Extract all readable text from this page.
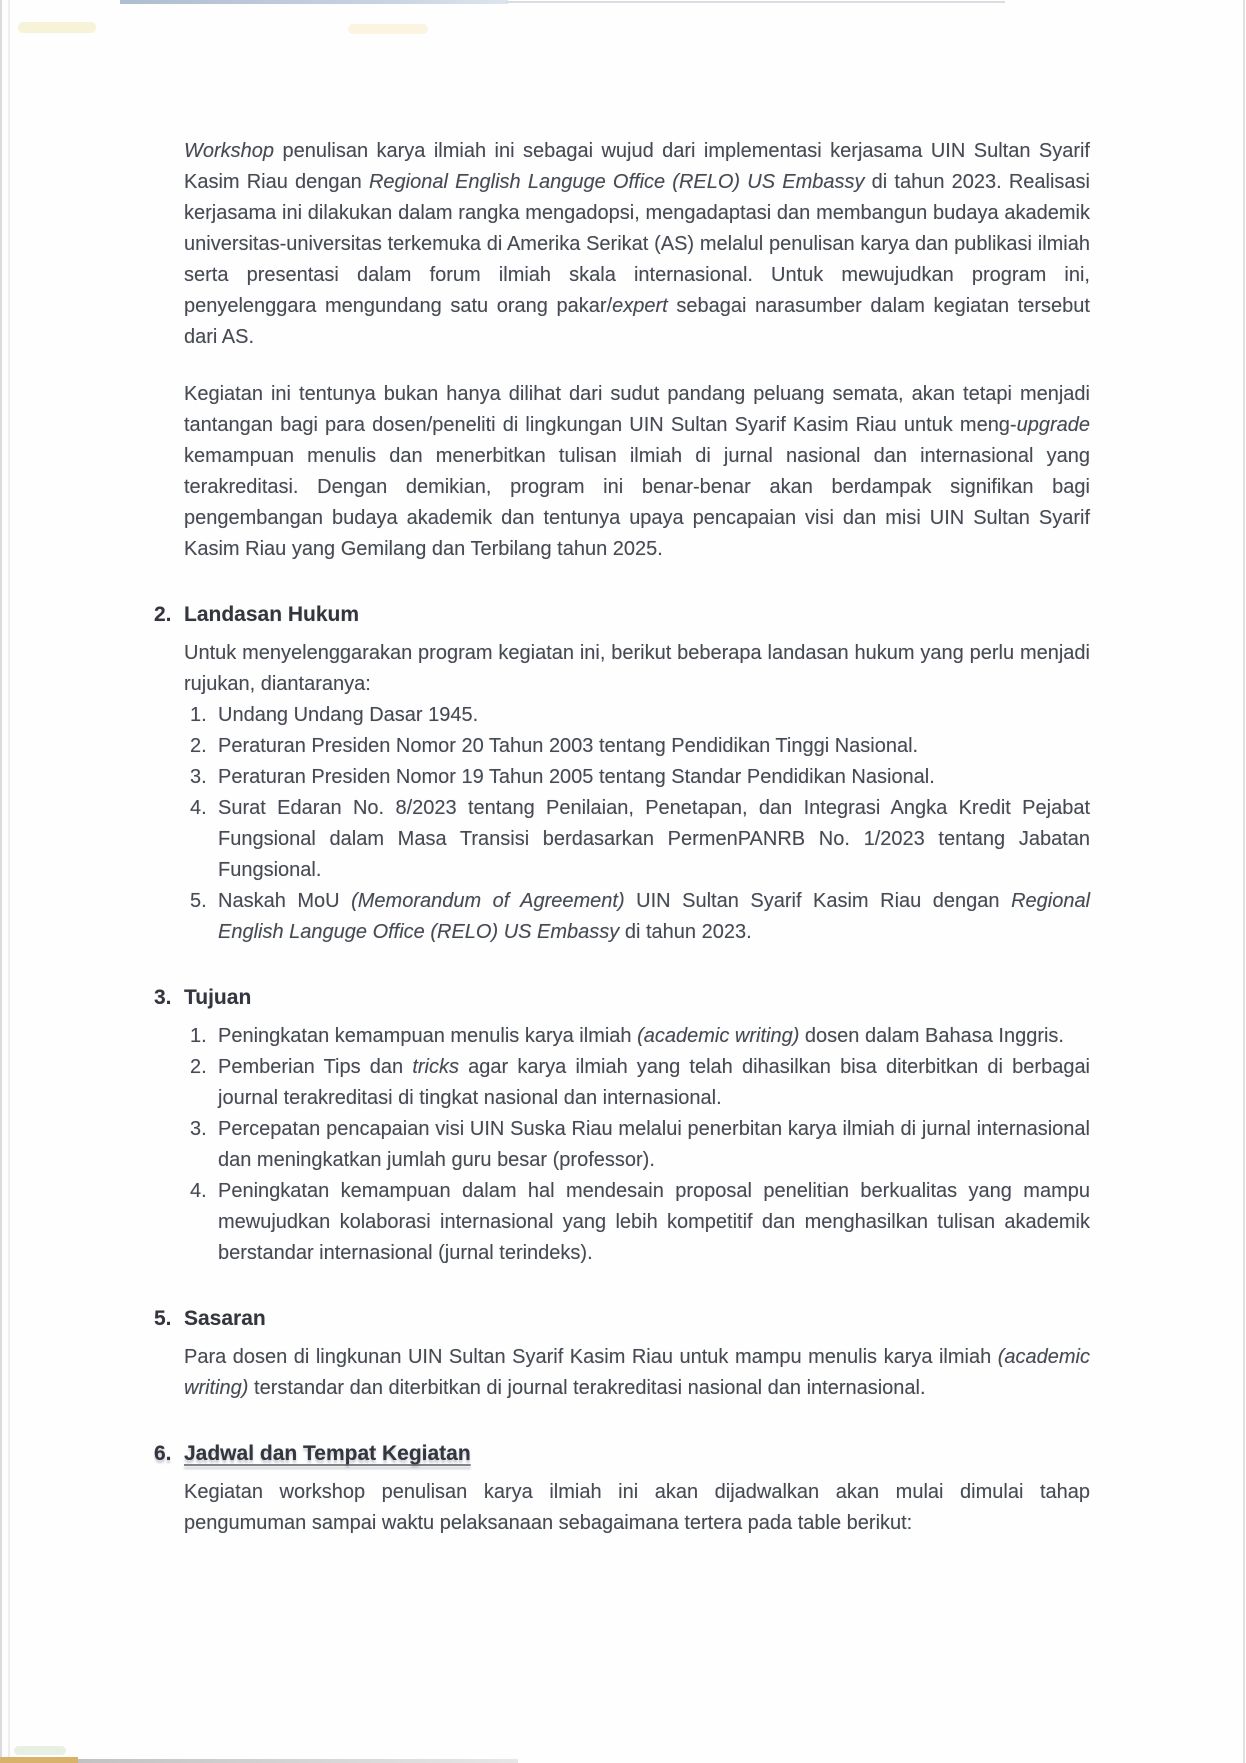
Workshop penulisan karya ilmiah ini sebagai wujud dari implementasi kerjasama UIN Sultan Syarif Kasim Riau dengan Regional English Languge Office (RELO) US Embassy di tahun 2023. Realisasi kerjasama ini dilakukan dalam rangka mengadopsi, mengadaptasi dan membangun budaya akademik universitas-universitas terkemuka di Amerika Serikat (AS) melalul penulisan karya dan publikasi ilmiah serta presentasi dalam forum ilmiah skala internasional. Untuk mewujudkan program ini, penyelenggara mengundang satu orang pakar/expert sebagai narasumber dalam kegiatan tersebut dari AS.

Kegiatan ini tentunya bukan hanya dilihat dari sudut pandang peluang semata, akan tetapi menjadi tantangan bagi para dosen/peneliti di lingkungan UIN Sultan Syarif Kasim Riau untuk meng-upgrade kemampuan menulis dan menerbitkan tulisan ilmiah di jurnal nasional dan internasional yang terakreditasi. Dengan demikian, program ini benar-benar akan berdampak signifikan bagi pengembangan budaya akademik dan tentunya upaya pencapaian visi dan misi UIN Sultan Syarif Kasim Riau yang Gemilang dan Terbilang tahun 2025.

2. Landasan Hukum

Untuk menyelenggarakan program kegiatan ini, berikut beberapa landasan hukum yang perlu menjadi rujukan, diantaranya:

1. Undang Undang Dasar 1945.
2. Peraturan Presiden Nomor 20 Tahun 2003 tentang Pendidikan Tinggi Nasional.
3. Peraturan Presiden Nomor 19 Tahun 2005 tentang Standar Pendidikan Nasional.
4. Surat Edaran No. 8/2023 tentang Penilaian, Penetapan, dan Integrasi Angka Kredit Pejabat Fungsional dalam Masa Transisi berdasarkan PermenPANRB No. 1/2023 tentang Jabatan Fungsional.
5. Naskah MoU (Memorandum of Agreement) UIN Sultan Syarif Kasim Riau dengan Regional English Languge Office (RELO) US Embassy di tahun 2023.
3. Tujuan
1. Peningkatan kemampuan menulis karya ilmiah (academic writing) dosen dalam Bahasa Inggris.
2. Pemberian Tips dan tricks agar karya ilmiah yang telah dihasilkan bisa diterbitkan di berbagai journal terakreditasi di tingkat nasional dan internasional.
3. Percepatan pencapaian visi UIN Suska Riau melalui penerbitan karya ilmiah di jurnal internasional dan meningkatkan jumlah guru besar (professor).
4. Peningkatan kemampuan dalam hal mendesain proposal penelitian berkualitas yang mampu mewujudkan kolaborasi internasional yang lebih kompetitif dan menghasilkan tulisan akademik berstandar internasional (jurnal terindeks).
5. Sasaran

Para dosen di lingkunan UIN Sultan Syarif Kasim Riau untuk mampu menulis karya ilmiah (academic writing) terstandar dan diterbitkan di journal terakreditasi nasional dan internasional.

6. Jadwal dan Tempat Kegiatan

Kegiatan workshop penulisan karya ilmiah ini akan dijadwalkan akan mulai dimulai tahap pengumuman sampai waktu pelaksanaan sebagaimana tertera pada table berikut:
